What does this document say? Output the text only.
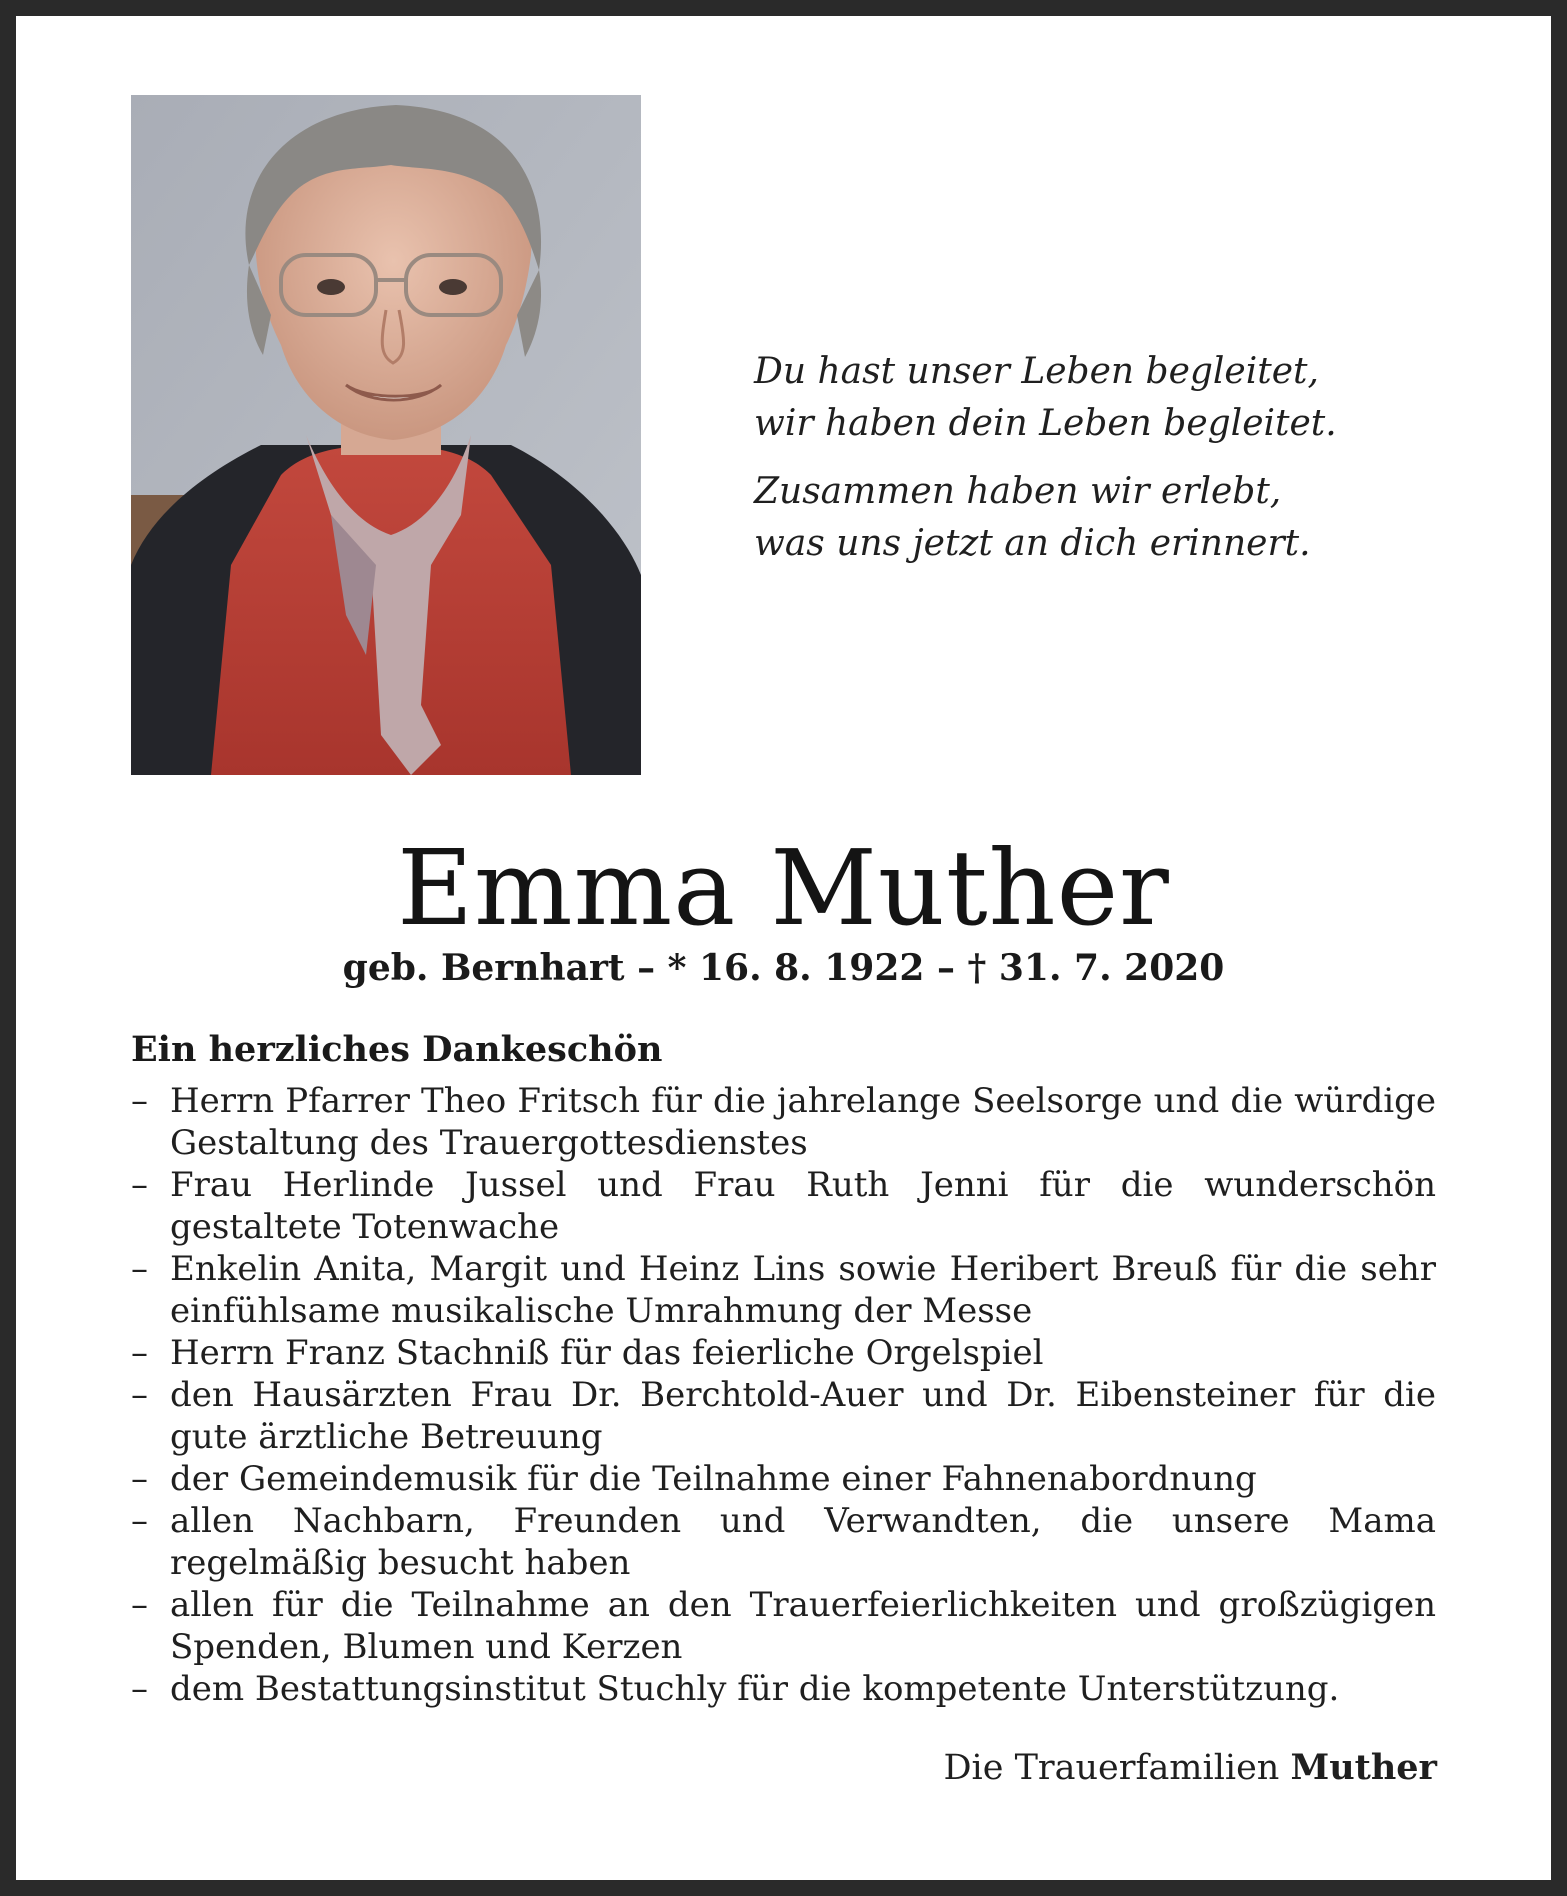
Du hast unser Leben begleitet,
wir haben dein Leben begleitet.

Zusammen haben wir erlebt,
was uns jetzt an dich erinnert.

Emma Muther
geb. Bernhart – * 16. 8. 1922 – † 31. 7. 2020
Ein herzliches Dankeschön
– Herrn Pfarrer Theo Fritsch für die jahrelange Seelsorge und die würdige Gestaltung des Trauergottesdienstes
– Frau Herlinde Jussel und Frau Ruth Jenni für die wunderschön gestaltete Totenwache
– Enkelin Anita, Margit und Heinz Lins sowie Heribert Breuß für die sehr einfühlsame musikalische Umrahmung der Messe
– Herrn Franz Stachniß für das feierliche Orgelspiel
– den Hausärzten Frau Dr. Berchtold-Auer und Dr. Eibensteiner für die gute ärztliche Betreuung
– der Gemeindemusik für die Teilnahme einer Fahnenabordnung
– allen Nachbarn, Freunden und Verwandten, die unsere Mama regelmäßig besucht haben
– allen für die Teilnahme an den Trauerfeierlichkeiten und großzügigen Spenden, Blumen und Kerzen
– dem Bestattungsinstitut Stuchly für die kompetente Unterstützung.
Die Trauerfamilien Muther
